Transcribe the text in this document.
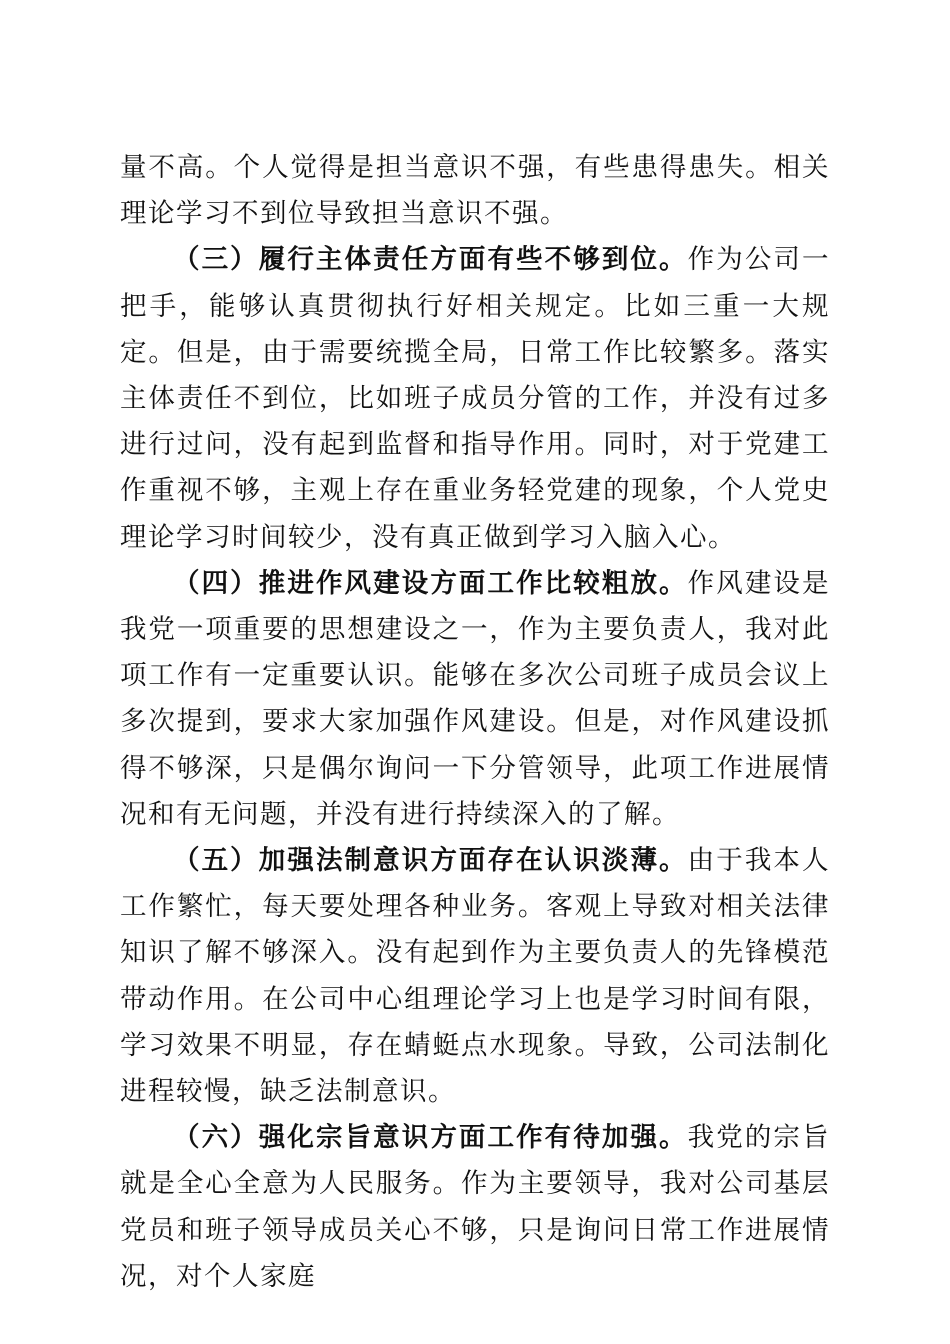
量不高。个人觉得是担当意识不强，有些患得患失。相关理论学习不到位导致担当意识不强。

（三）履行主体责任方面有些不够到位。作为公司一把手，能够认真贯彻执行好相关规定。比如三重一大规定。但是，由于需要统揽全局，日常工作比较繁多。落实主体责任不到位，比如班子成员分管的工作，并没有过多进行过问，没有起到监督和指导作用。同时，对于党建工作重视不够，主观上存在重业务轻党建的现象，个人党史理论学习时间较少，没有真正做到学习入脑入心。

（四）推进作风建设方面工作比较粗放。作风建设是我党一项重要的思想建设之一，作为主要负责人，我对此项工作有一定重要认识。能够在多次公司班子成员会议上多次提到，要求大家加强作风建设。但是，对作风建设抓得不够深，只是偶尔询问一下分管领导，此项工作进展情况和有无问题，并没有进行持续深入的了解。

（五）加强法制意识方面存在认识淡薄。由于我本人工作繁忙，每天要处理各种业务。客观上导致对相关法律知识了解不够深入。没有起到作为主要负责人的先锋模范带动作用。在公司中心组理论学习上也是学习时间有限，学习效果不明显，存在蜻蜓点水现象。导致，公司法制化进程较慢，缺乏法制意识。

（六）强化宗旨意识方面工作有待加强。我党的宗旨就是全心全意为人民服务。作为主要领导，我对公司基层党员和班子领导成员关心不够，只是询问日常工作进展情况，对个人家庭
